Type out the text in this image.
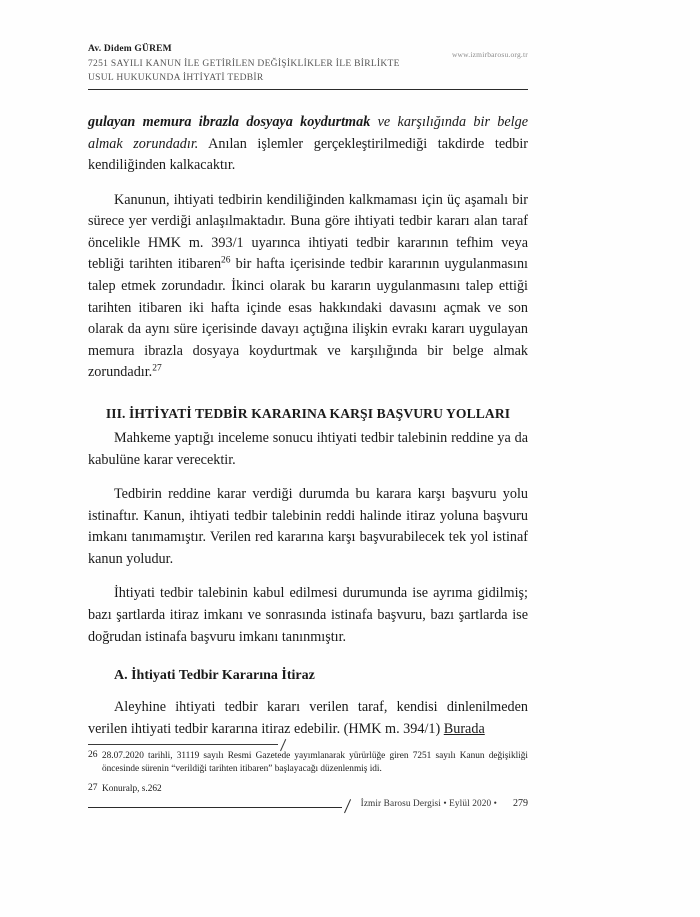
Av. Didem GÜREM
7251 SAYILI KANUN İLE GETİRİLEN DEĞİŞİKLİKLER İLE BİRLİKTE
USUL HUKUKUNDA İHTİYATİ TEDBİR
www.izmirbarosu.org.tr

gulayan memura ibrazla dosyaya koydurtmak ve karşılığında bir belge almak zorundadır. Anılan işlemler gerçekleştirilmediği takdirde tedbir kendiliğinden kalkacaktır.

Kanunun, ihtiyati tedbirin kendiliğinden kalkmaması için üç aşamalı bir sürece yer verdiği anlaşılmaktadır. Buna göre ihtiyati tedbir kararı alan taraf öncelikle HMK m. 393/1 uyarınca ihtiyati tedbir kararının tefhim veya tebliği tarihten itibaren$^{26}$ bir hafta içerisinde tedbir kararının uygulanmasını talep etmek zorundadır. İkinci olarak bu kararın uygulanmasını talep ettiği tarihten itibaren iki hafta içinde esas hakkındaki davasını açmak ve son olarak da aynı süre içerisinde davayı açtığına ilişkin evrakı kararı uygulayan memura ibrazla dosyaya koydurtmak ve karşılığında bir belge almak zorundadır.$^{27}$

III. İHTİYATİ TEDBİR KARARINA KARŞI BAŞVURU YOLLARI

Mahkeme yaptığı inceleme sonucu ihtiyati tedbir talebinin reddine ya da kabulüne karar verecektir.

Tedbirin reddine karar verdiği durumda bu karara karşı başvuru yolu istinaftır. Kanun, ihtiyati tedbir talebinin reddi halinde itiraz yoluna başvuru imkanı tanımamıştır. Verilen red kararına karşı başvurabilecek tek yol istinaf kanun yoludur.

İhtiyati tedbir talebinin kabul edilmesi durumunda ise ayrıma gidilmiş; bazı şartlarda itiraz imkanı ve sonrasında istinafa başvuru, bazı şartlarda ise doğrudan istinafa başvuru imkanı tanınmıştır.

A. İhtiyati Tedbir Kararına İtiraz

Aleyhine ihtiyati tedbir kararı verilen taraf, kendisi dinlenilmeden verilen ihtiyati tedbir kararına itiraz edebilir. (HMK m. 394/1) Burada

26 28.07.2020 tarihli, 31119 sayılı Resmi Gazetede yayımlanarak yürürlüğe giren 7251 sayılı Kanun değişikliği öncesinde sürenin “verildiği tarihten itibaren” başlayacağı düzenlenmiş idi.
27 Konuralp, s.262
İzmir Barosu Dergisi • Eylül 2020 • 279
